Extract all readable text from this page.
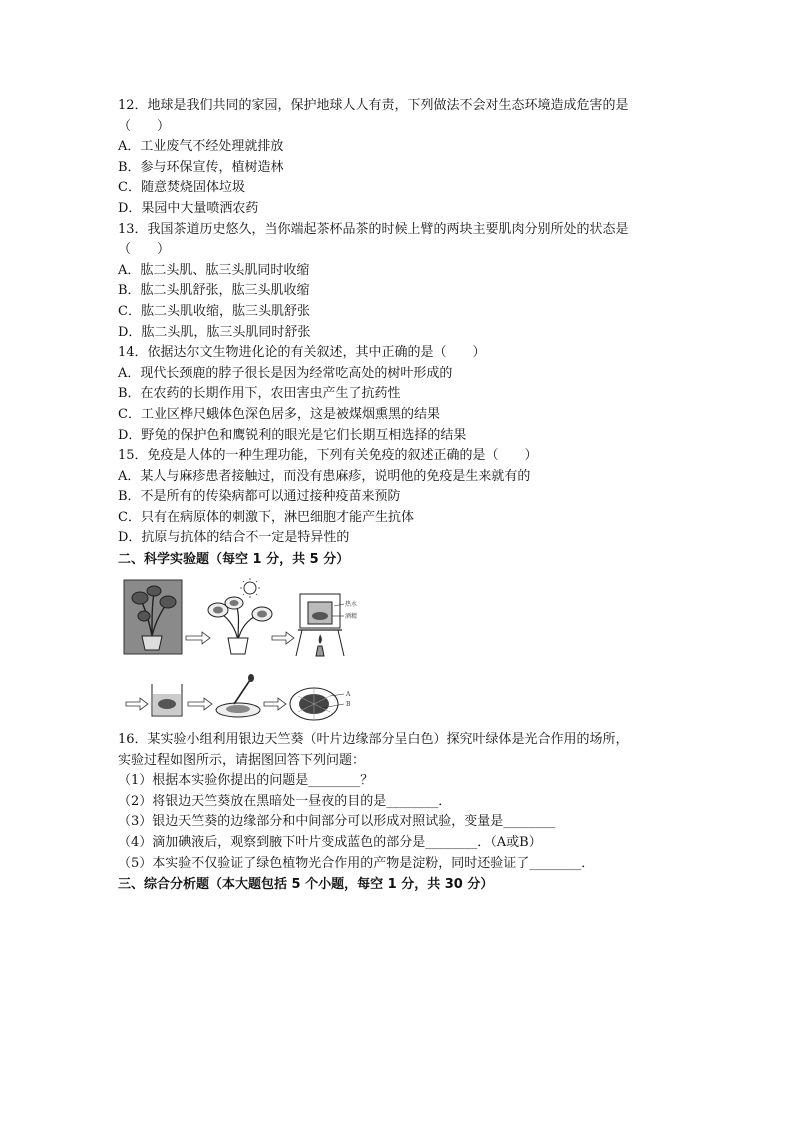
12．地球是我们共同的家园，保护地球人人有责，下列做法不会对生态环境造成危害的是
（　　）
A．工业废气不经处理就排放
B．参与环保宣传，植树造林
C．随意焚烧固体垃圾
D．果园中大量喷洒农药
13．我国茶道历史悠久，当你端起茶杯品茶的时候上臂的两块主要肌肉分别所处的状态是
（　　）
A．肱二头肌、肱三头肌同时收缩
B．肱二头肌舒张，肱三头肌收缩
C．肱二头肌收缩，肱三头肌舒张
D．肱二头肌，肱三头肌同时舒张
14．依据达尔文生物进化论的有关叙述，其中正确的是（　　）
A．现代长颈鹿的脖子很长是因为经常吃高处的树叶形成的
B．在农药的长期作用下，农田害虫产生了抗药性
C．工业区桦尺蛾体色深色居多，这是被煤烟熏黑的结果
D．野兔的保护色和鹰锐利的眼光是它们长期互相选择的结果
15．免疫是人体的一种生理功能，下列有关免疫的叙述正确的是（　　）
A．某人与麻疹患者接触过，而没有患麻疹，说明他的免疫是生来就有的
B．不是所有的传染病都可以通过接种疫苗来预防
C．只有在病原体的刺激下，淋巴细胞才能产生抗体
D．抗原与抗体的结合不一定是特异性的
二、科学实验题（每空 1 分，共 5 分）
热水
酒精
A
B
16．某实验小组利用银边天竺葵（叶片边缘部分呈白色）探究叶绿体是光合作用的场所，
实验过程如图所示，请据图回答下列问题：
（1）根据本实验你提出的问题是________？
（2）将银边天竺葵放在黑暗处一昼夜的目的是________．
（3）银边天竺葵的边缘部分和中间部分可以形成对照试验，变量是________
（4）滴加碘液后，观察到腋下叶片变成蓝色的部分是________．（A或B）
（5）本实验不仅验证了绿色植物光合作用的产物是淀粉，同时还验证了________．
三、综合分析题（本大题包括 5 个小题，每空 1 分，共 30 分）
